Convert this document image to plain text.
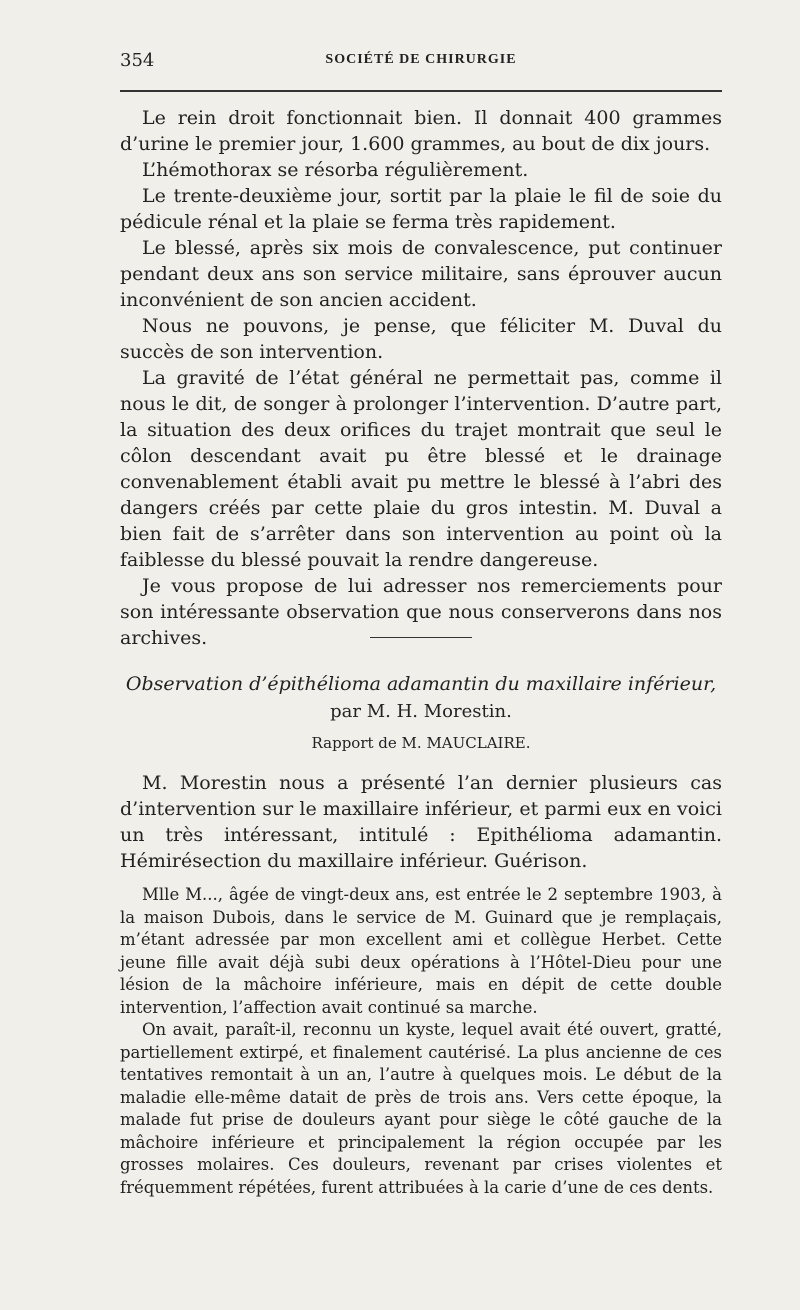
354	SOCIÉTÉ DE CHIRURGIE

Le rein droit fonctionnait bien. Il donnait 400 grammes d’urine le premier jour, 1.600 grammes, au bout de dix jours.

L’hémothorax se résorba régulièrement.

Le trente-deuxième jour, sortit par la plaie le fil de soie du pédicule rénal et la plaie se ferma très rapidement.

Le blessé, après six mois de convalescence, put continuer pendant deux ans son service militaire, sans éprouver aucun inconvénient de son ancien accident.

Nous ne pouvons, je pense, que féliciter M. Duval du succès de son intervention.

La gravité de l’état général ne permettait pas, comme il nous le dit, de songer à prolonger l’intervention. D’autre part, la situation des deux orifices du trajet montrait que seul le côlon descendant avait pu être blessé et le drainage convenablement établi avait pu mettre le blessé à l’abri des dangers créés par cette plaie du gros intestin. M. Duval a bien fait de s’arrêter dans son intervention au point où la faiblesse du blessé pouvait la rendre dangereuse.

Je vous propose de lui adresser nos remerciements pour son intéressante observation que nous conserverons dans nos archives.

Observation d’épithélioma adamantin du maxillaire inférieur,
par M. H. Morestin.
Rapport de M. MAUCLAIRE.

M. Morestin nous a présenté l’an dernier plusieurs cas d’intervention sur le maxillaire inférieur, et parmi eux en voici un très intéressant, intitulé : Epithélioma adamantin. Hémirésection du maxillaire inférieur. Guérison.

Mlle M..., âgée de vingt-deux ans, est entrée le 2 septembre 1903, à la maison Dubois, dans le service de M. Guinard que je remplaçais, m’étant adressée par mon excellent ami et collègue Herbet. Cette jeune fille avait déjà subi deux opérations à l’Hôtel-Dieu pour une lésion de la mâchoire inférieure, mais en dépit de cette double intervention, l’affection avait continué sa marche.

On avait, paraît-il, reconnu un kyste, lequel avait été ouvert, gratté, partiellement extirpé, et finalement cautérisé. La plus ancienne de ces tentatives remontait à un an, l’autre à quelques mois. Le début de la maladie elle-même datait de près de trois ans. Vers cette époque, la malade fut prise de douleurs ayant pour siège le côté gauche de la mâchoire inférieure et principalement la région occupée par les grosses molaires. Ces douleurs, revenant par crises violentes et fréquemment répétées, furent attribuées à la carie d’une de ces dents.
